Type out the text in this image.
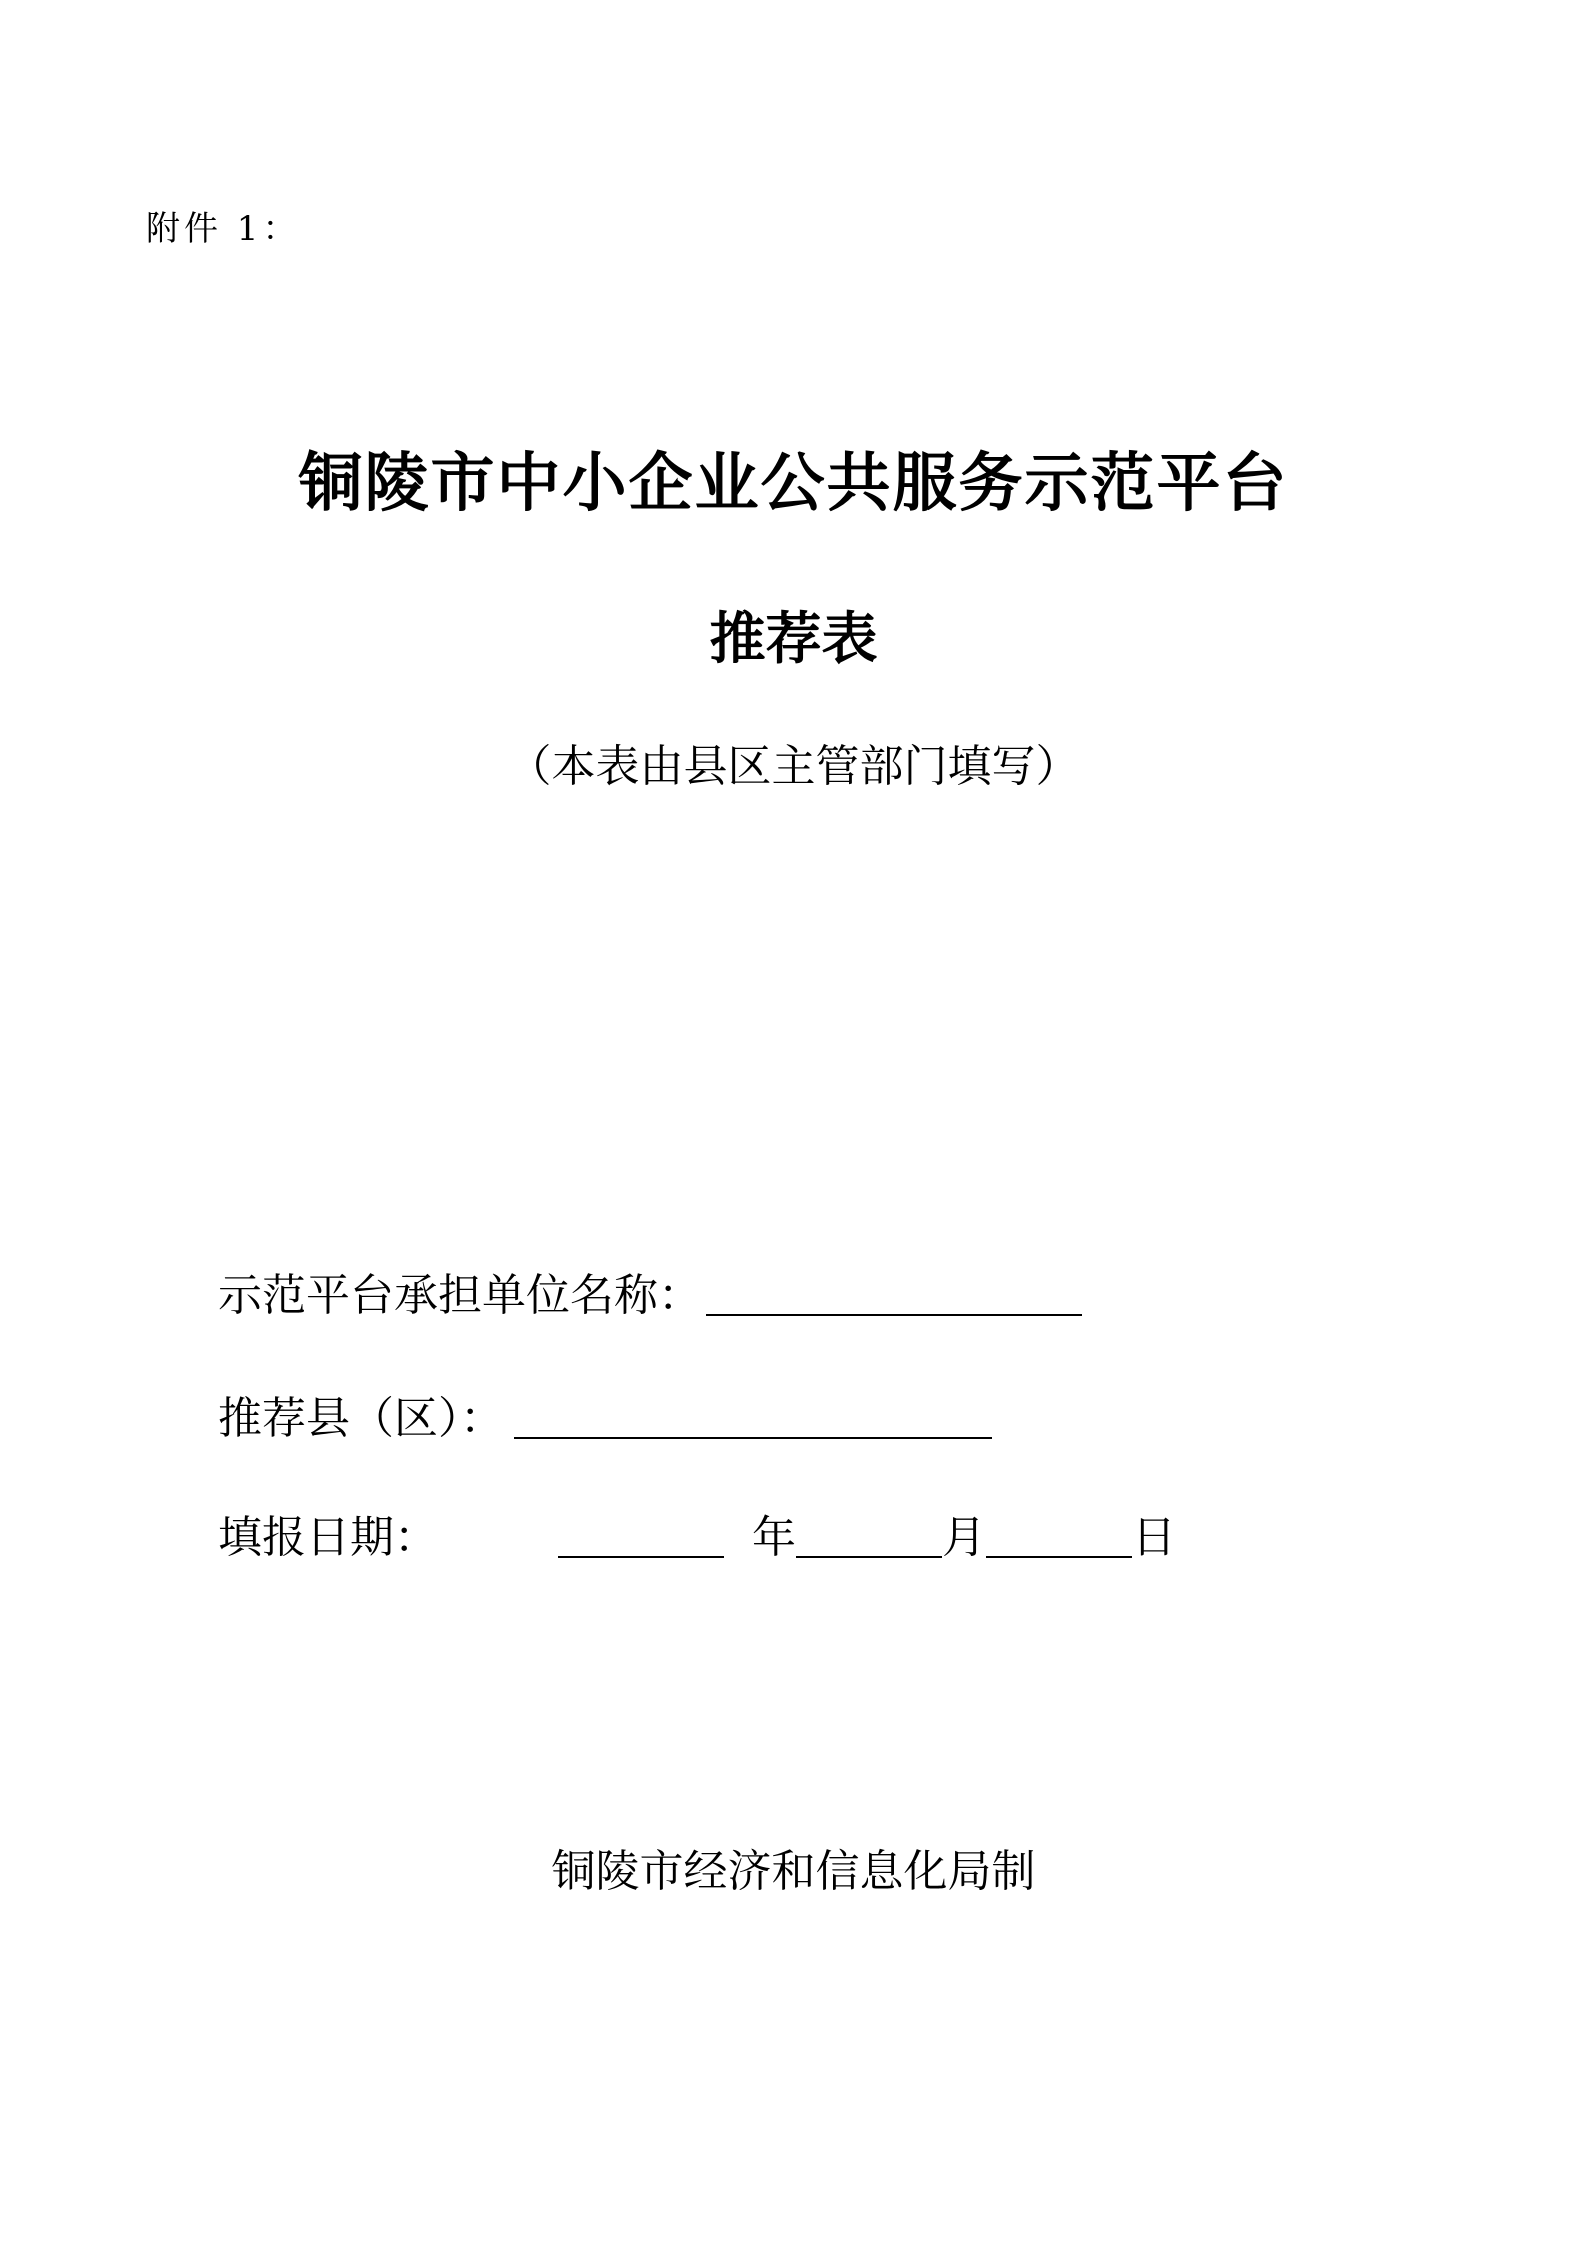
附件 1：
铜陵市中小企业公共服务示范平台
推荐表
（本表由县区主管部门填写）
示范平台承担单位名称：
推荐县（区）：
填报日期：	年	月	日
铜陵市经济和信息化局制
